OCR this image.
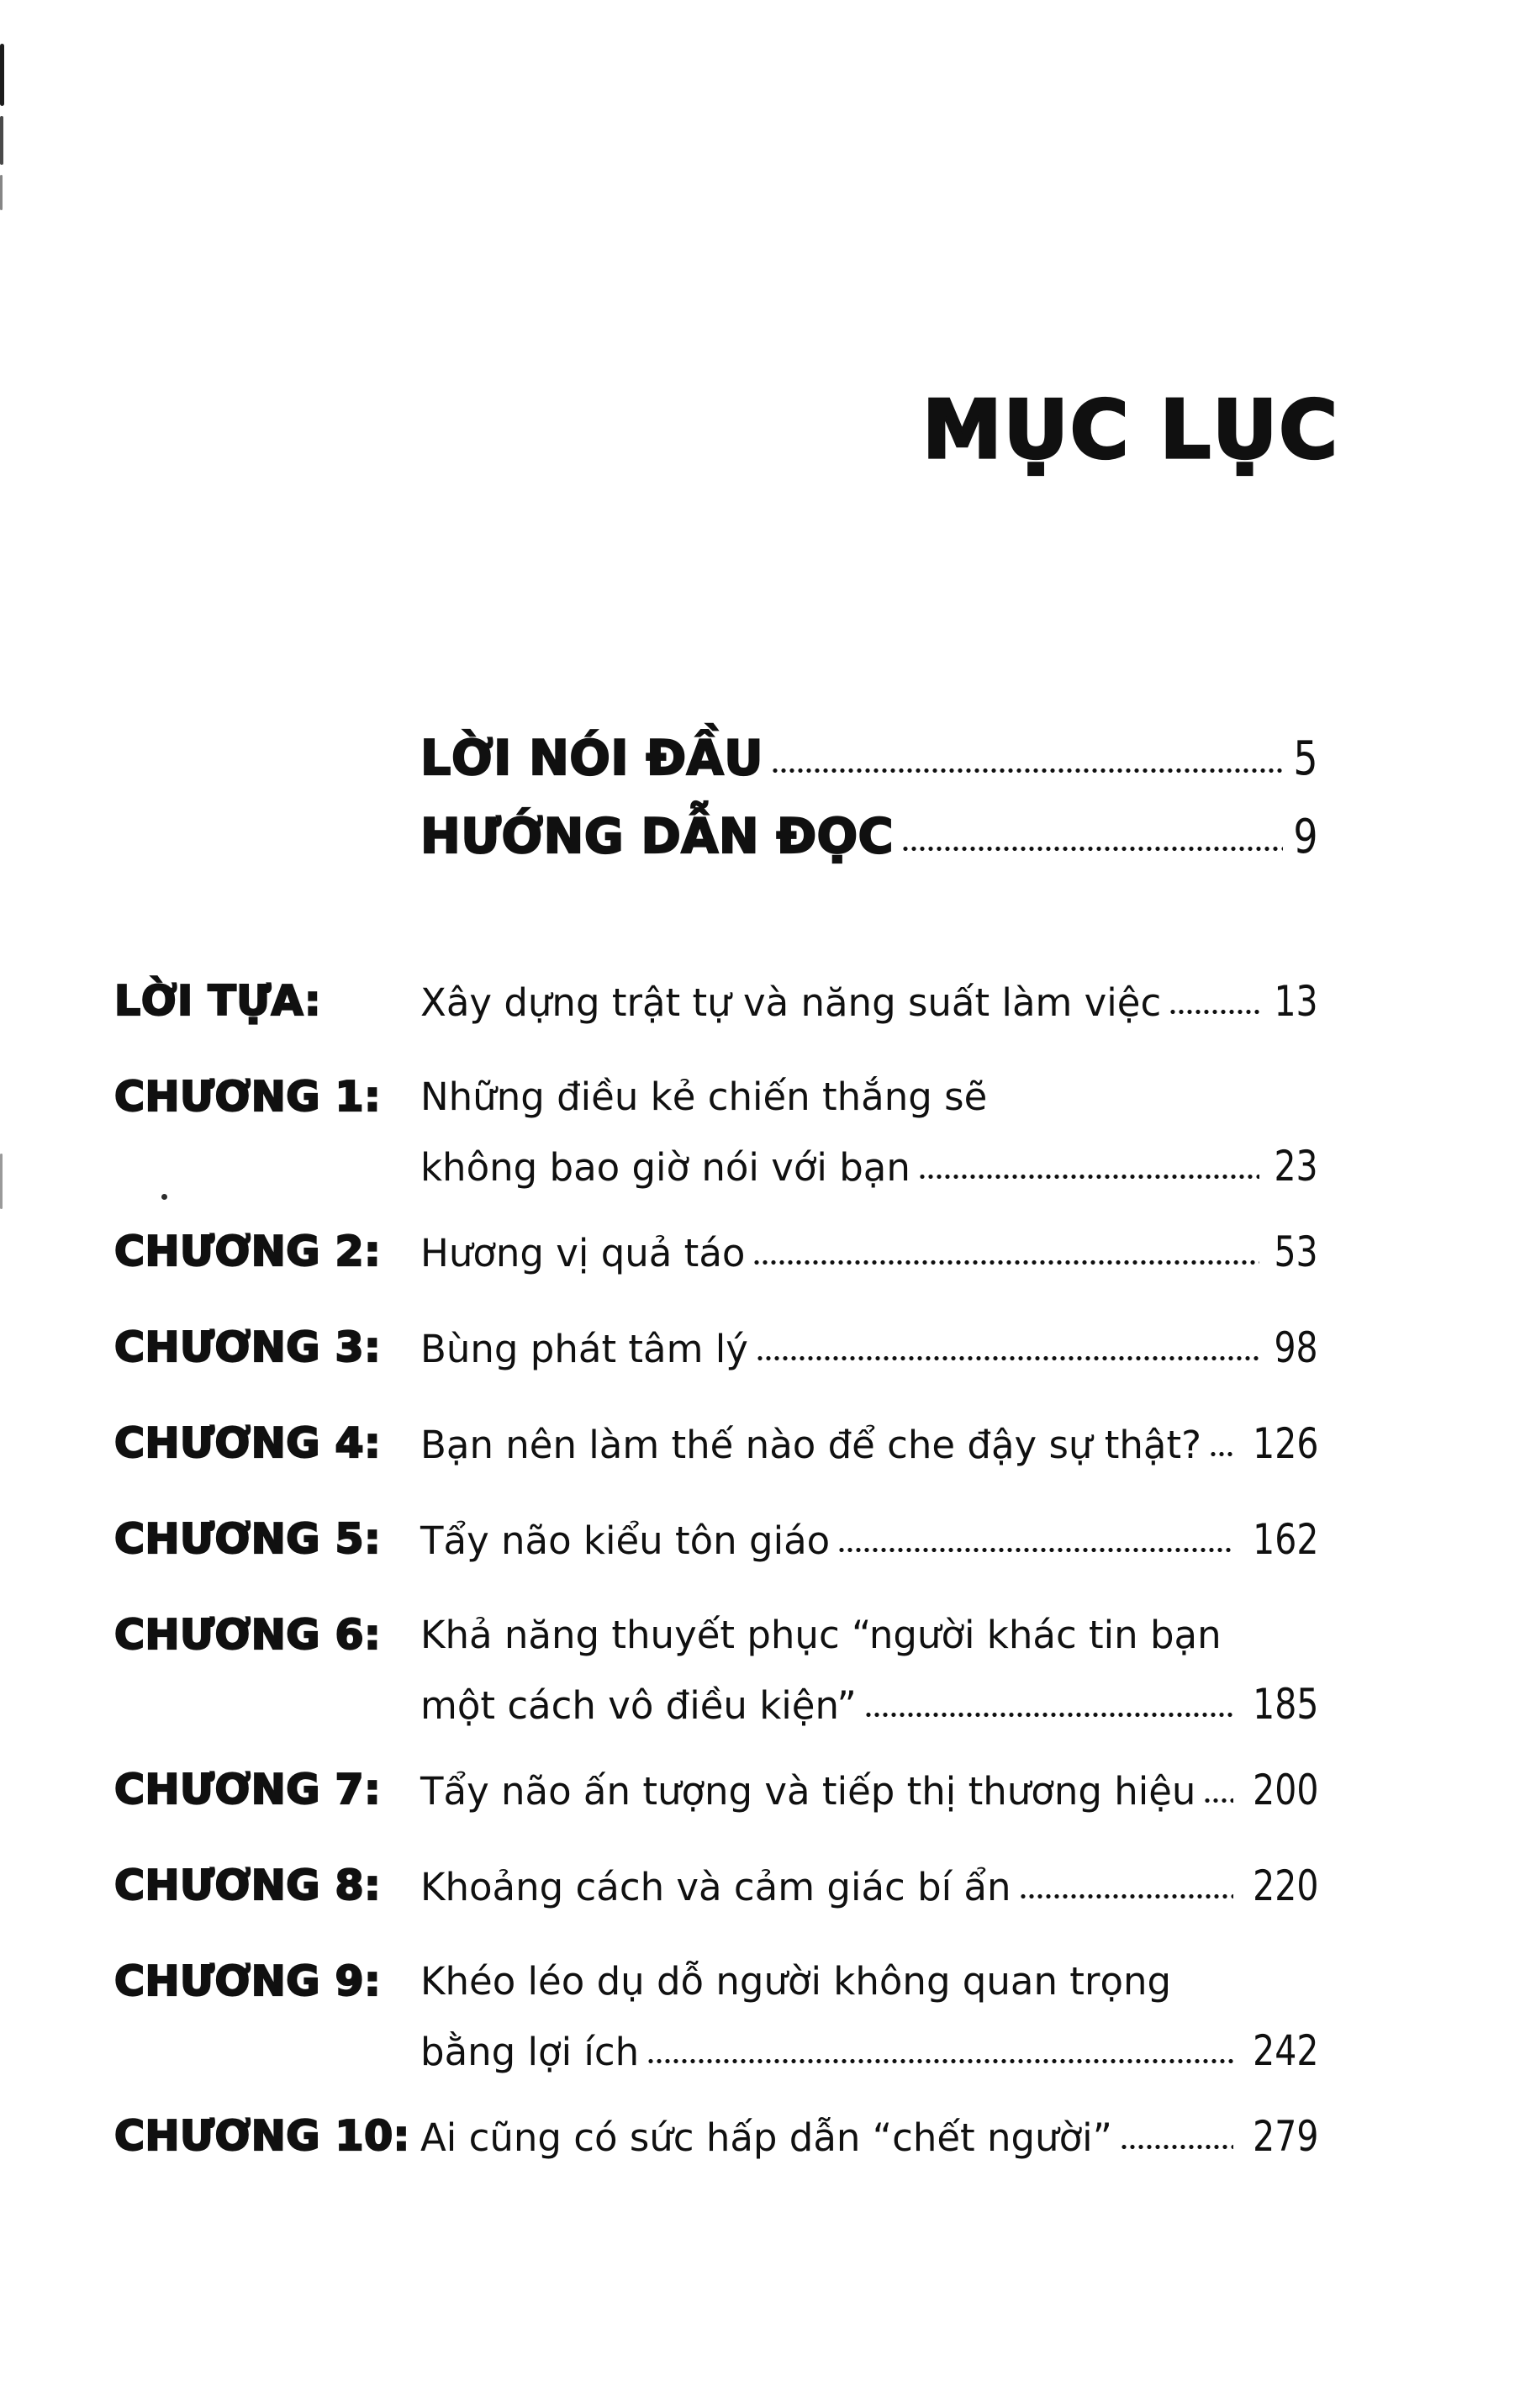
MỤC LỤC
LỜI NÓI ĐẦU	5
HƯỚNG DẪN ĐỌC	9
LỜI TỰA:	Xây dựng trật tự và năng suất làm việc	13
CHƯƠNG 1:	Những điều kẻ chiến thắng sẽ
không bao giờ nói với bạn	23
CHƯƠNG 2:	Hương vị quả táo	53
CHƯƠNG 3:	Bùng phát tâm lý	98
CHƯƠNG 4:	Bạn nên làm thế nào để che đậy sự thật? 126
CHƯƠNG 5:	Tẩy não kiểu tôn giáo	162
CHƯƠNG 6:	Khả năng thuyết phục “người khác tin bạn
một cách vô điều kiện”	185
CHƯƠNG 7:	Tẩy não ấn tượng và tiếp thị thương hiệu 200
CHƯƠNG 8:	Khoảng cách và cảm giác bí ẩn	220
CHƯƠNG 9:	Khéo léo dụ dỗ người không quan trọng
bằng lợi ích	242
CHƯƠNG 10: Ai cũng có sức hấp dẫn “chết người”	279
